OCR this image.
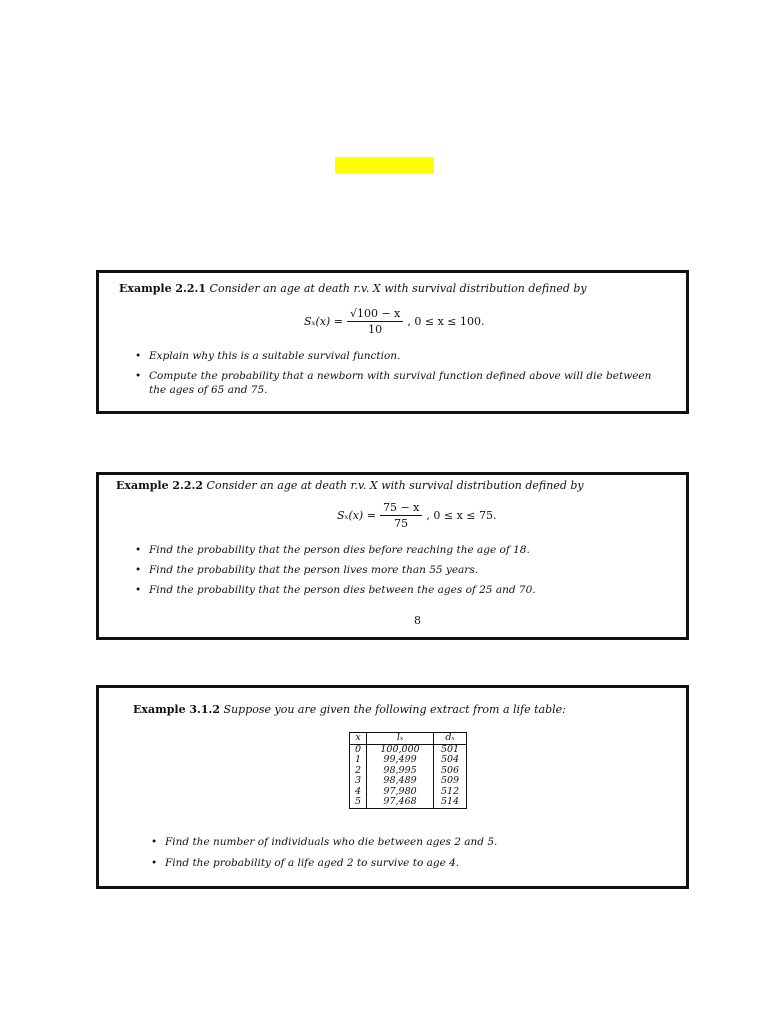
Example 2.2.1 Consider an age at death r.v. X with survival distribution defined by
$S_x(x) = \frac{√100 - x}{10}$ , 0 ≤ x ≤ 100.
• Explain why this is a suitable survival function.
• Compute the probability that a newborn with survival function defined above will die between the ages of 65 and 75.
Example 2.2.2 Consider an age at death r.v. X with survival distribution defined by
$S_x(x) = \frac{75 - x}{75}$ , 0 ≤ x ≤ 75.
• Find the probability that the person dies before reaching the age of 18.
• Find the probability that the person lives more than 55 years.
• Find the probability that the person dies between the ages of 25 and 70.
8
Example 3.1.2 Suppose you are given the following extract from a life table:
x	lₓ	dₓ
0	100,000	501
1	99,499	504
2	98,995	506
3	98,489	509
4	97,980	512
5	97,468	514
• Find the number of individuals who die between ages 2 and 5.
• Find the probability of a life aged 2 to survive to age 4.
